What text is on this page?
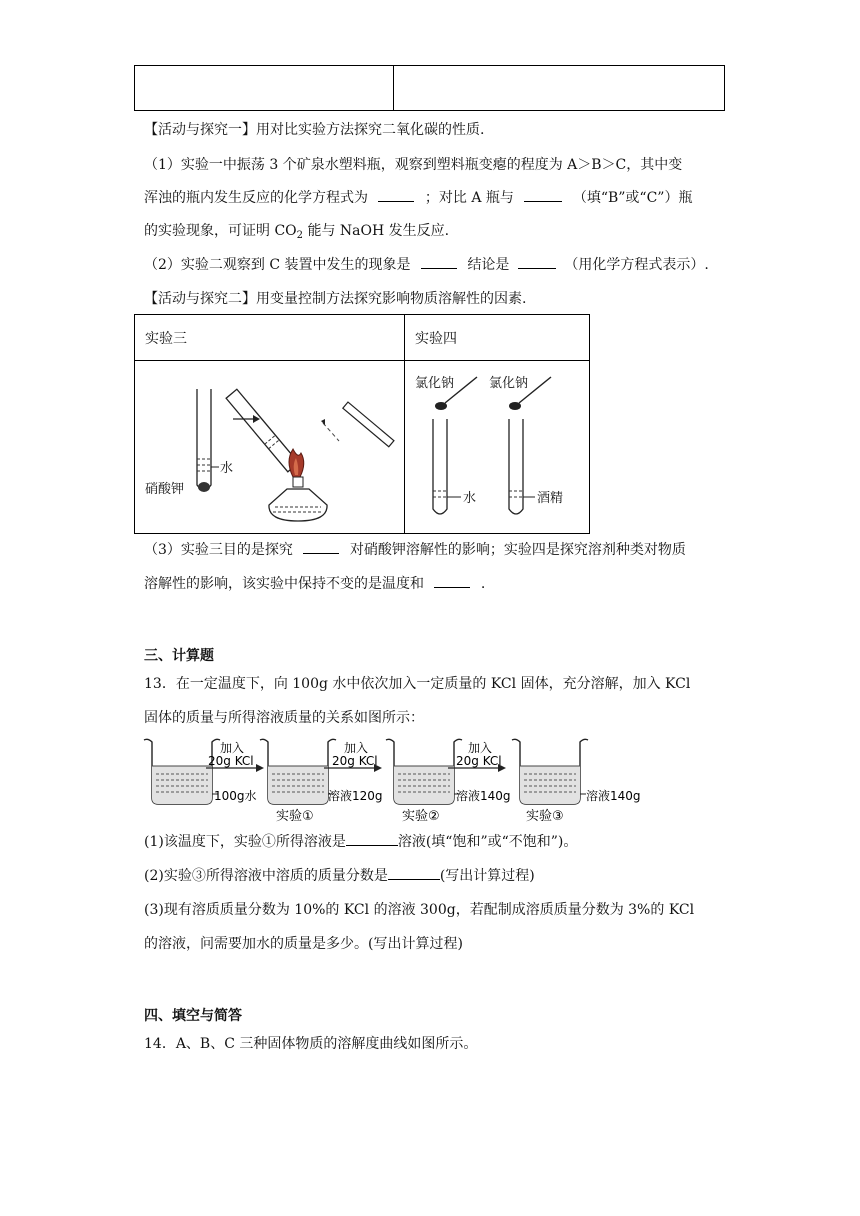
【活动与探究一】用对比实验方法探究二氧化碳的性质.
（1）实验一中振荡 3 个矿泉水塑料瓶，观察到塑料瓶变瘪的程度为 A＞B＞C，其中变
浑浊的瓶内发生反应的化学方程式为	；对比 A 瓶与	（填“B”或“C”）瓶
的实验现象，可证明 $CO_2$ 能与 NaOH 发生反应.
（2）实验二观察到 C 装置中发生的现象是	结论是	（用化学方程式表示）.
【活动与探究二】用变量控制方法探究影响物质溶解性的因素.
实验三	实验四

水
硝酸钾	氯化钠 氯化钠
水 酒精
（3）实验三目的是探究	对硝酸钾溶解性的影响；实验四是探究溶剂种类对物质
溶解性的影响，该实验中保持不变的是温度和	.
三、计算题
13．在一定温度下，向 100g 水中依次加入一定质量的 KCl 固体，充分溶解，加入 KCl
固体的质量与所得溶液质量的关系如图所示：
100g水
加入
20g KCl
实验①
溶液120g
加入
20g KCl
实验②
溶液140g
加入
20g KCl
实验③
溶液140g
(1)该温度下，实验①所得溶液是	溶液(填“饱和”或“不饱和”)。
(2)实验③所得溶液中溶质的质量分数是	(写出计算过程)
(3)现有溶质质量分数为 10%的 KCl 的溶液 300g，若配制成溶质质量分数为 3%的 KCl
的溶液，问需要加水的质量是多少。(写出计算过程)
四、填空与简答
14．A、B、C 三种固体物质的溶解度曲线如图所示。
